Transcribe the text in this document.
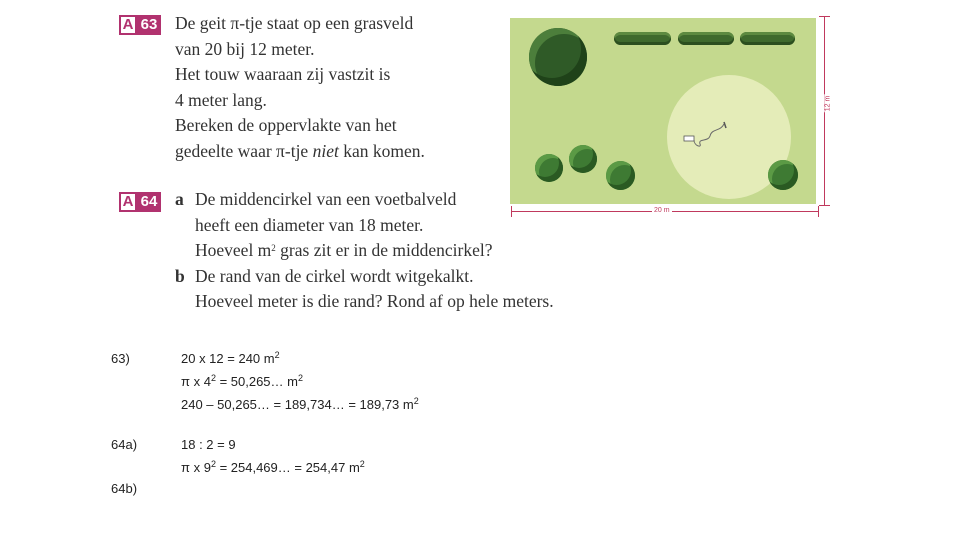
A 63 De geit π-tje staat op een grasveld
van 20 bij 12 meter.
Het touw waaraan zij vastzit is
4 meter lang.
Bereken de oppervlakte van het
gedeelte waar π-tje niet kan komen.
12 m
20 m
A 64 a De middencirkel van een voetbalveld
heeft een diameter van 18 meter.
Hoeveel $m^2$ gras zit er in de middencirkel?
b De rand van de cirkel wordt witgekalkt.
Hoeveel meter is die rand? Rond af op hele meters.
63)	20 x 12 = 240 $m^2$
π x $4^2$ = 50,265… $m^2$
240 – 50,265… = 189,734… = 189,73 $m^2$
64a)	18 : 2 = 9
π x $9^2$ = 254,469… = 254,47 $m^2$
64b)
